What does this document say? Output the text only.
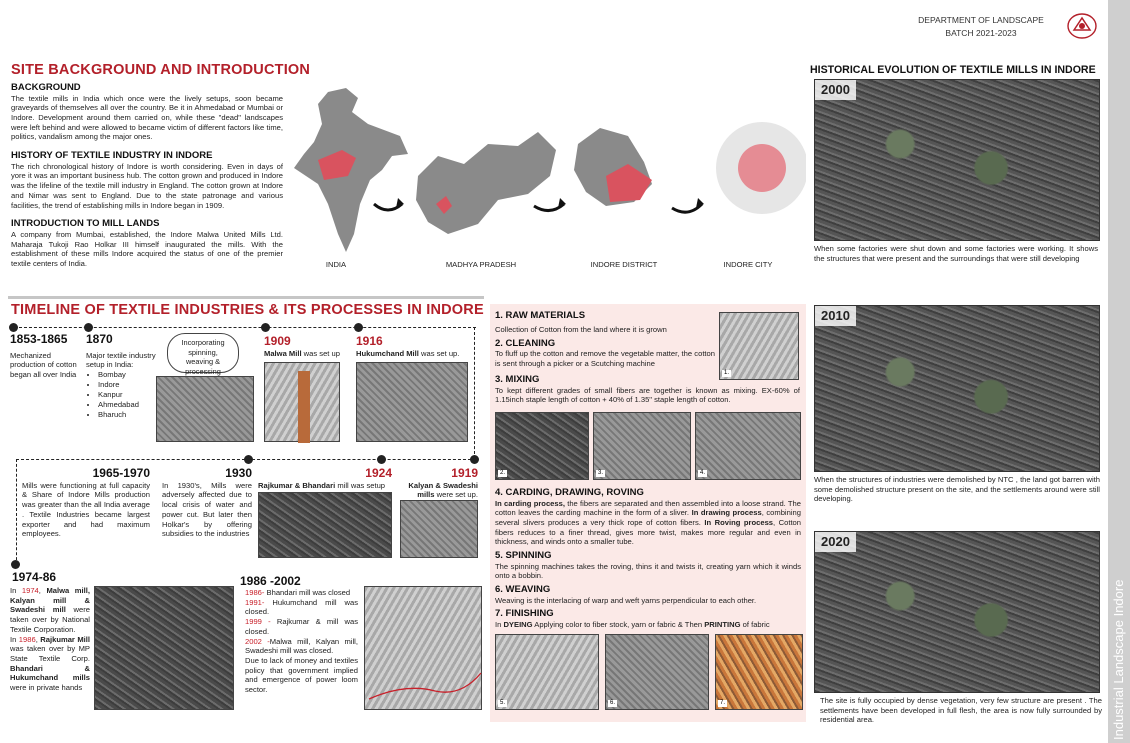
DEPARTMENT OF LANDSCAPE
BATCH 2021-2023
Industrial Landscape Indore
SITE BACKGROUND AND INTRODUCTION
BACKGROUND
The textile mills in India which once were the lively setups, soon became graveyards of themselves all over the country. Be it in Ahmedabad or Mumbai or Indore. Development around them carried on, while these "dead" landscapes were left behind and were allowed to became victim of different factors like time, politics, vandalism among the major ones.
HISTORY OF TEXTILE INDUSTRY IN INDORE
The rich chronological history of Indore is worth considering. Even in days of yore it was an important business hub. The cotton grown and produced in Indore was the lifeline of the textile mill industry in England. The cotton grown at Indore and Nimar was sent to England. Due to the state patronage and various facilities, the trend of establishing mills in Indore began in 1909.
INTRODUCTION TO MILL LANDS
A company from Mumbai, established, the Indore Malwa United Mills Ltd. Maharaja Tukoji Rao Holkar III himself inaugurated the mills. With the establishment of these mills Indore acquired the status of one of the premier textile centers of India.	INDIA	MADHYA PRADESH	INDORE DISTRICT	INDORE CITY
HISTORICAL EVOLUTION OF TEXTILE MILLS IN INDORE
2000
When some factories were shut down and some factories were working. It shows the structures that were present and the surroundings that were still developing
2010
When the structures of industries were demolished by NTC , the land got barren with some demolished structure present on the site, and the settlements around were still developing.
2020
The site is fully occupied by dense vegetation, very few structure are present . The settlements have been developed in full flesh, the area is now fully surrounded by residential area.
TIMELINE OF TEXTILE INDUSTRIES & ITS PROCESSES IN INDORE
1853-1865
Mechanized production of cotton began all over India
1870
Major textile industry setup in India:
• Bombay
• Indore
• Kanpur
• Ahmedabad
• Bharuch
Incorporating spinning, weaving & processing
1909
Malwa Mill was set up
1916
Hukumchand Mill was set up.
1965-1970
Mills were functioning at full capacity & Share of Indore Mills production was greater than the all India average . Textile Industries became largest exporter and had maximum employees.
1930
In 1930's, Mills were adversely affected due to local crisis of water and power cut. But later then Holkar's by offering subsidies to the industries
1924
Rajkumar & Bhandari mill was setup
1919
Kalyan & Swadeshi mills were set up.
1974-86
In 1974, Malwa mill, Kalyan mill & Swadeshi mill were taken over by National Textile Corporation.
In 1986, Rajkumar Mill was taken over by MP State Textile Corp. Bhandari & Hukumchand mills were in private hands
1986 -2002
1986- Bhandari mill was closed
1991- Hukumchand mill was closed.
1999 - Rajkumar & mill was closed.
2002 -Malwa mill, Kalyan mill, Swadeshi mill was closed.
Due to lack of money and textiles policy that government implied and emergence of power loom sector.
1. RAW MATERIALS
Collection of Cotton from the land where it is grown
2. CLEANING
To fluff up the cotton and remove the vegetable matter, the cotton is sent through a picker or a Scutching machine
1.
3. MIXING
To kept different grades of small fibers are together is known as mixing. EX-60% of 1.15inch staple length of cotton + 40% of 1.35" staple length of cotton.
2.	3.	4.
4. CARDING, DRAWING, ROVING
In carding process, the fibers are separated and then assembled into a loose strand. The cotton leaves the carding machine in the form of a sliver. In drawing process, combining several slivers produces a very thick rope of cotton fibers. In Roving process, Cotton fibers reduces to a finer thread, gives more twist, makes more regular and even in thickness, and winds onto a smaller tube.
5. SPINNING
The spinning machines takes the roving, thins it and twists it, creating yarn which it winds onto a bobbin.
6. WEAVING
Weaving is the interlacing of warp and weft yarns perpendicular to each other.
7. FINISHING
In DYEING Applying color to fiber stock, yarn or fabric & Then PRINTING of fabric
5.	6.	7.
